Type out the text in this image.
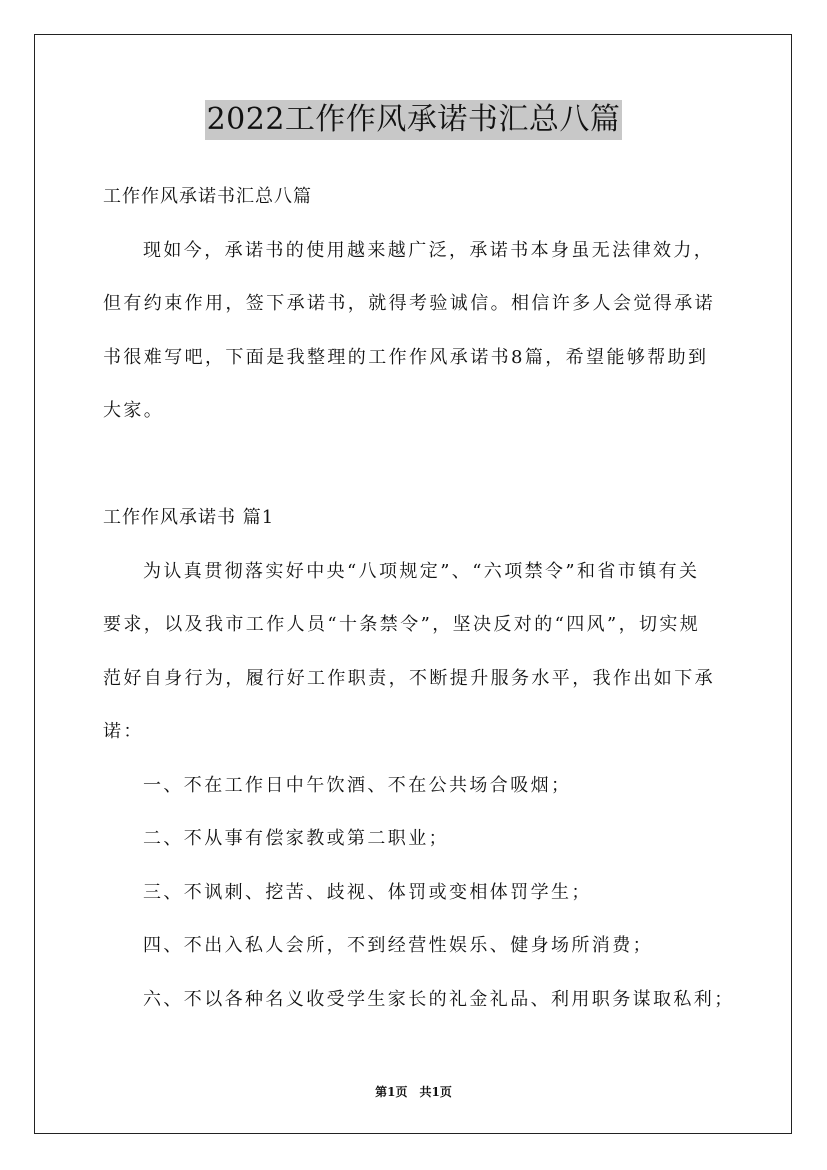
2022工作作风承诺书汇总八篇
工作作风承诺书汇总八篇
现如今，承诺书的使用越来越广泛，承诺书本身虽无法律效力，
但有约束作用，签下承诺书，就得考验诚信。相信许多人会觉得承诺
书很难写吧，下面是我整理的工作作风承诺书8篇，希望能够帮助到
大家。
工作作风承诺书 篇1
为认真贯彻落实好中央“八项规定”、“六项禁令”和省市镇有关
要求，以及我市工作人员“十条禁令”，坚决反对的“四风”，切实规
范好自身行为，履行好工作职责，不断提升服务水平，我作出如下承
诺：
一、不在工作日中午饮酒、不在公共场合吸烟；
二、不从事有偿家教或第二职业；
三、不讽刺、挖苦、歧视、体罚或变相体罚学生；
四、不出入私人会所，不到经营性娱乐、健身场所消费；
六、不以各种名义收受学生家长的礼金礼品、利用职务谋取私利；
第1页　共1页
